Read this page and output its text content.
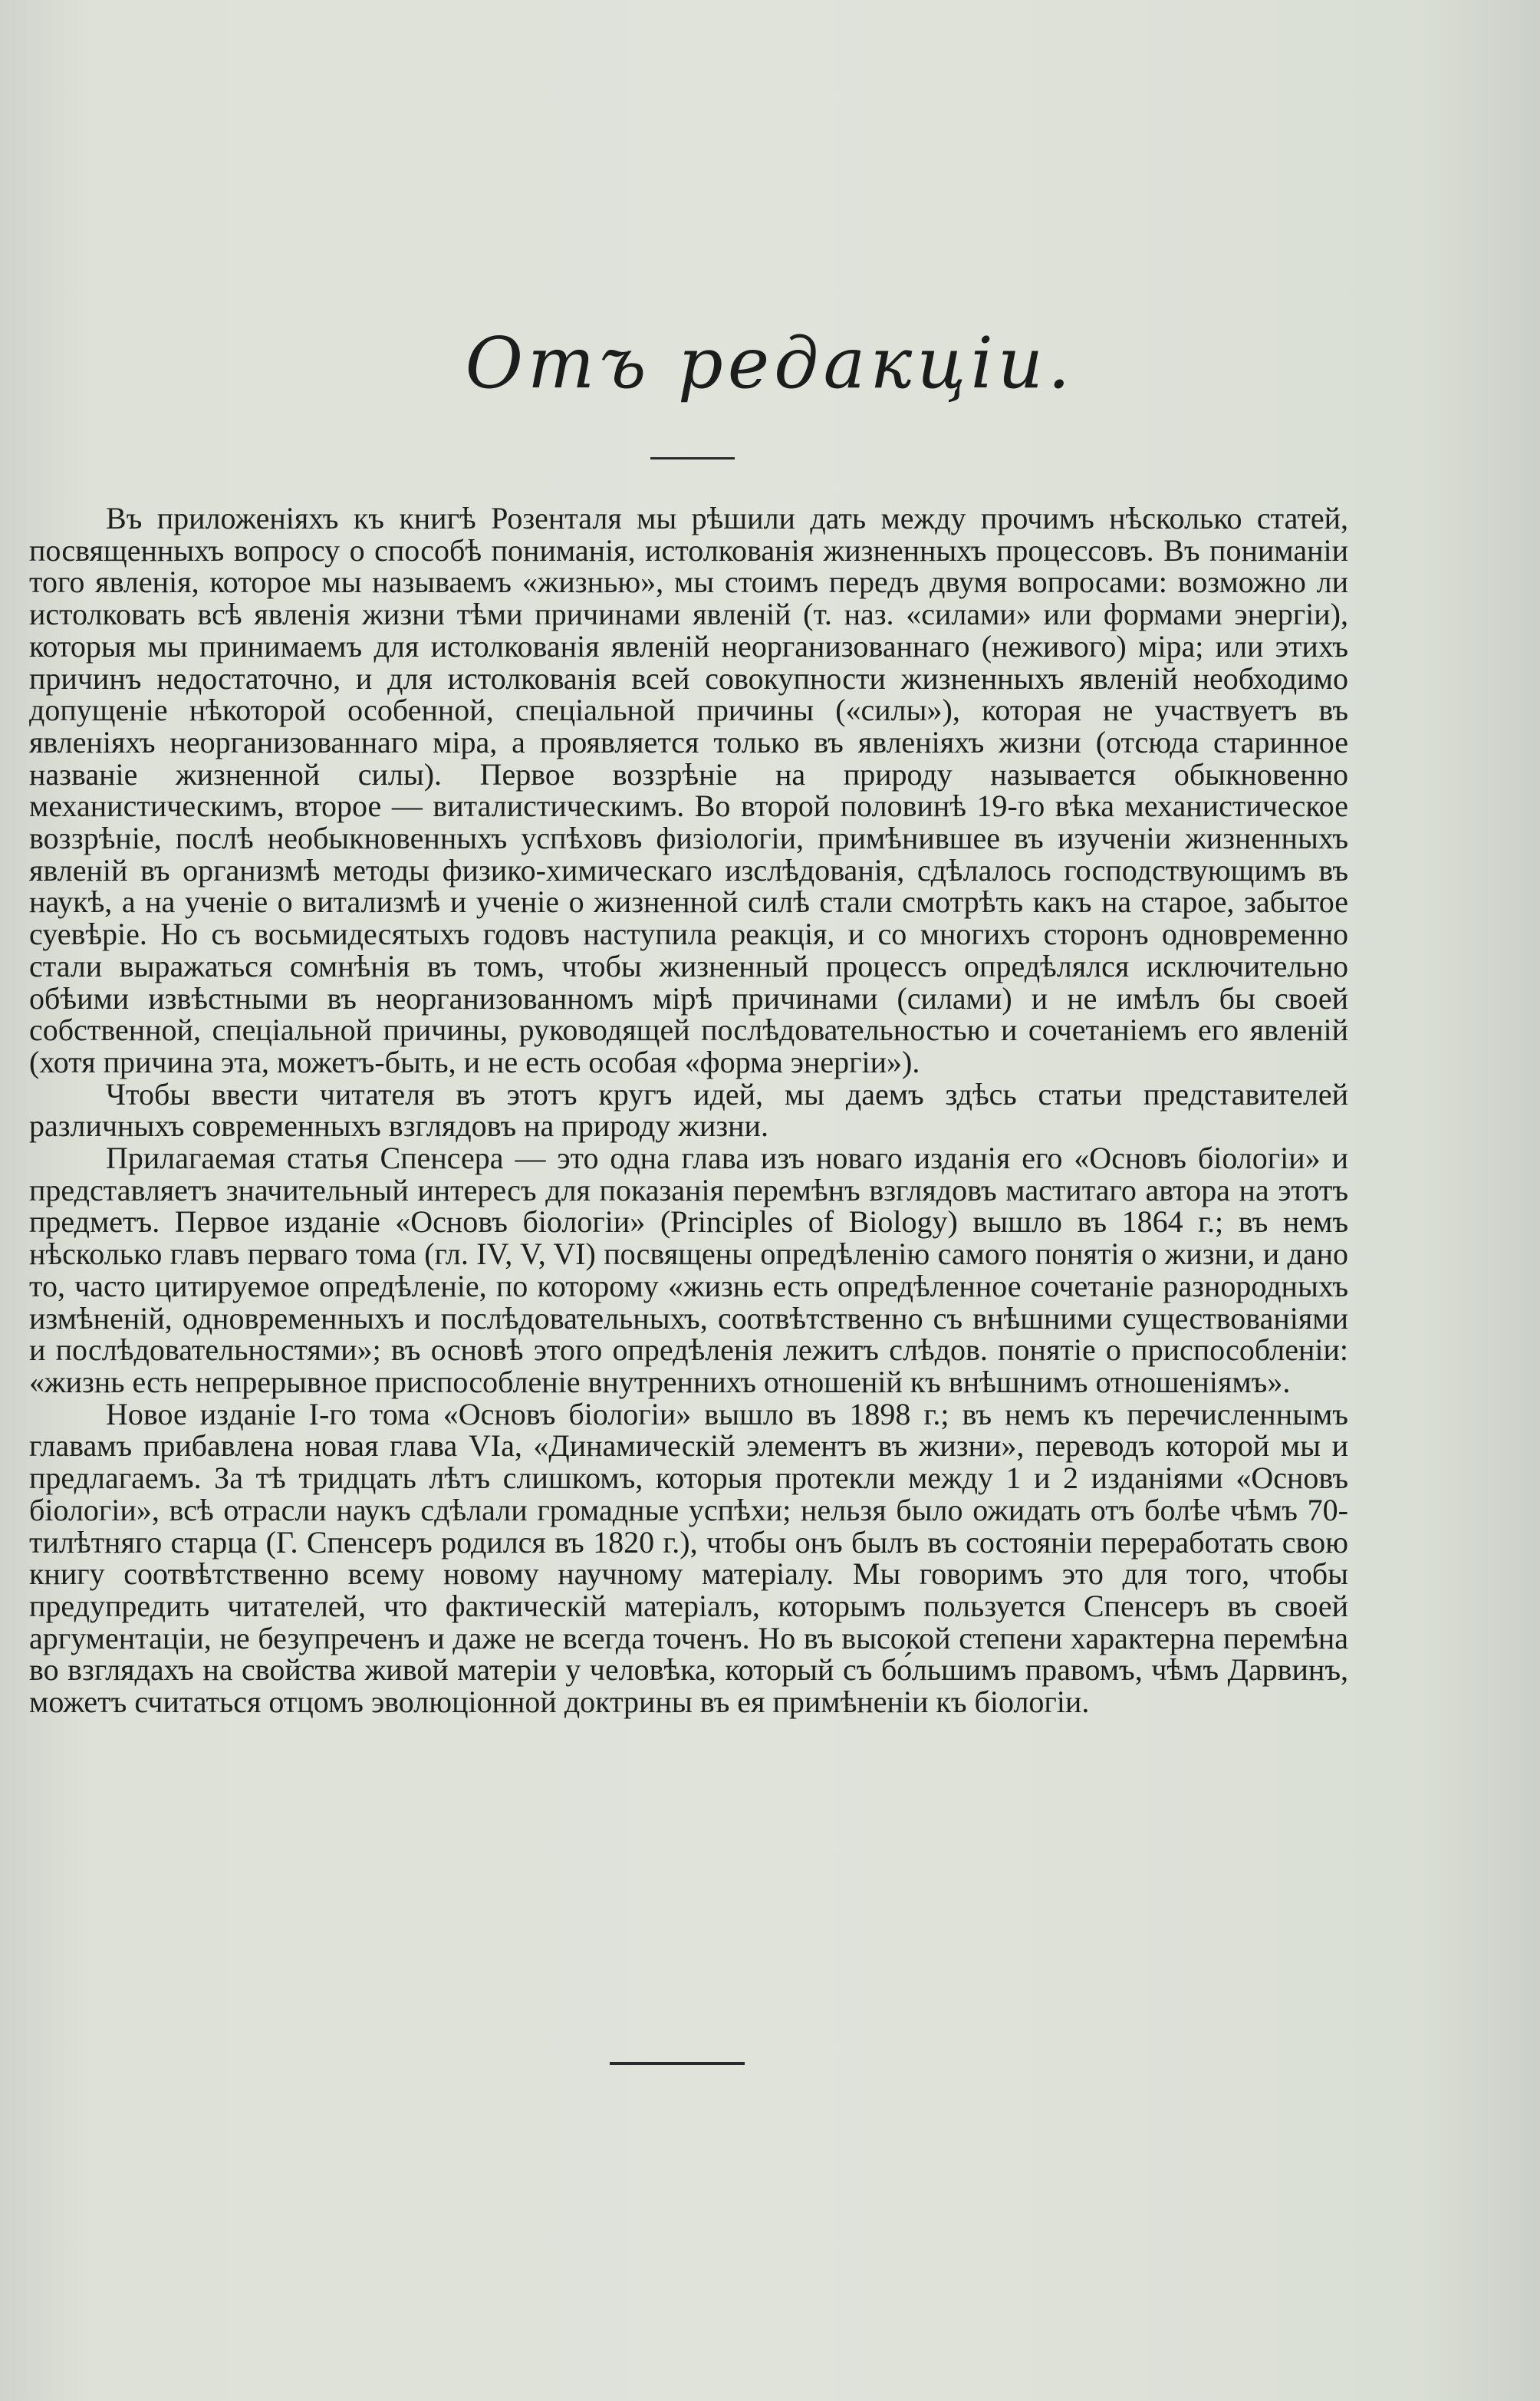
Отъ редакціи.

Въ приложеніяхъ къ книгѣ Розенталя мы рѣшили дать между прочимъ нѣсколько статей, посвященныхъ вопросу о способѣ пониманія, истолкованія жизненныхъ процессовъ. Въ пониманіи того явленія, которое мы называемъ «жизнью», мы стоимъ передъ двумя вопросами: возможно ли истолковать всѣ явленія жизни тѣми причинами явленій (т. наз. «силами» или формами энергіи), которыя мы принимаемъ для истолкованія явленій неорганизованнаго (неживого) міра; или этихъ причинъ недостаточно, и для истолкованія всей совокупности жизненныхъ явленій необходимо допущеніе нѣкоторой особенной, спеціальной причины («силы»), которая не участвуетъ въ явленіяхъ неорганизованнаго міра, а проявляется только въ явленіяхъ жизни (отсюда старинное названіе жизненной силы). Первое воззрѣніе на природу называется обыкновенно механистическимъ, второе — виталистическимъ. Во второй половинѣ 19-го вѣка механистическое воззрѣніе, послѣ необыкновенныхъ успѣховъ физіологіи, примѣнившее въ изученіи жизненныхъ явленій въ организмѣ методы физико-химическаго изслѣдованія, сдѣлалось господствующимъ въ наукѣ, а на ученіе о витализмѣ и ученіе о жизненной силѣ стали смотрѣть какъ на старое, забытое суевѣріе. Но съ восьмидесятыхъ годовъ наступила реакція, и со многихъ сторонъ одновременно стали выражаться сомнѣнія въ томъ, чтобы жизненный процессъ опредѣлялся исключительно обѣими извѣстными въ неорганизованномъ мірѣ причинами (силами) и не имѣлъ бы своей собственной, спеціальной причины, руководящей послѣдовательностью и сочетаніемъ его явленій (хотя причина эта, можетъ-быть, и не есть особая «форма энергіи»).

Чтобы ввести читателя въ этотъ кругъ идей, мы даемъ здѣсь статьи представителей различныхъ современныхъ взглядовъ на природу жизни.

Прилагаемая статья Спенсера — это одна глава изъ новаго изданія его «Основъ біологіи» и представляетъ значительный интересъ для показанія перемѣнъ взглядовъ маститаго автора на этотъ предметъ. Первое изданіе «Основъ біологіи» (Principles of Biology) вышло въ 1864 г.; въ немъ нѣсколько главъ перваго тома (гл. IV, V, VI) посвящены опредѣленію самого понятія о жизни, и дано то, часто цитируемое опредѣленіе, по которому «жизнь есть опредѣленное сочетаніе разнородныхъ измѣненій, одновременныхъ и послѣдовательныхъ, соотвѣтственно съ внѣшними существованіями и послѣдовательностями»; въ основѣ этого опредѣленія лежитъ слѣдов. понятіе о приспособленіи: «жизнь есть непрерывное приспособленіе внутреннихъ отношеній къ внѣшнимъ отношеніямъ».

Новое изданіе I-го тома «Основъ біологіи» вышло въ 1898 г.; въ немъ къ перечисленнымъ главамъ прибавлена новая глава VIa, «Динамическій элементъ въ жизни», переводъ которой мы и предлагаемъ. За тѣ тридцать лѣтъ слишкомъ, которыя протекли между 1 и 2 изданіями «Основъ біологіи», всѣ отрасли наукъ сдѣлали громадные успѣхи; нельзя было ожидать отъ болѣе чѣмъ 70-тилѣтняго старца (Г. Спенсеръ родился въ 1820 г.), чтобы онъ былъ въ состояніи переработать свою книгу соотвѣтственно всему новому научному матеріалу. Мы говоримъ это для того, чтобы предупредить читателей, что фактическій матеріалъ, которымъ пользуется Спенсеръ въ своей аргументаціи, не безупреченъ и даже не всегда точенъ. Но въ высокой степени характерна перемѣна во взглядахъ на свойства живой матеріи у человѣка, который съ бо́льшимъ правомъ, чѣмъ Дарвинъ, можетъ считаться отцомъ эволюціонной доктрины въ ея примѣненіи къ біологіи.
